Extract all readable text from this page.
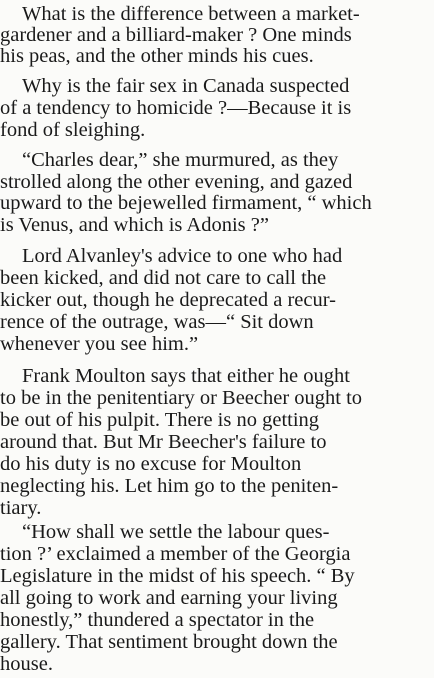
What is the difference between a market-

gardener and a billiard-maker ? One minds

his peas, and the other minds his cues.

Why is the fair sex in Canada suspected

of a tendency to homicide ?—Because it is

fond of sleighing.

“Charles dear,” she murmured, as they

strolled along the other evening, and gazed

upward to the bejewelled firmament, “ which

is Venus, and which is Adonis ?”

Lord Alvanley's advice to one who had

been kicked, and did not care to call the

kicker out, though he deprecated a recur-

rence of the outrage, was—“ Sit down

whenever you see him.”

Frank Moulton says that either he ought

to be in the penitentiary or Beecher ought to

be out of his pulpit. There is no getting

around that. But Mr Beecher's failure to

do his duty is no excuse for Moulton

neglecting his. Let him go to the peniten-

tiary.

“How shall we settle the labour ques-

tion ?’ exclaimed a member of the Georgia

Legislature in the midst of his speech. “ By

all going to work and earning your living

honestly,” thundered a spectator in the

gallery. That sentiment brought down the

house.
